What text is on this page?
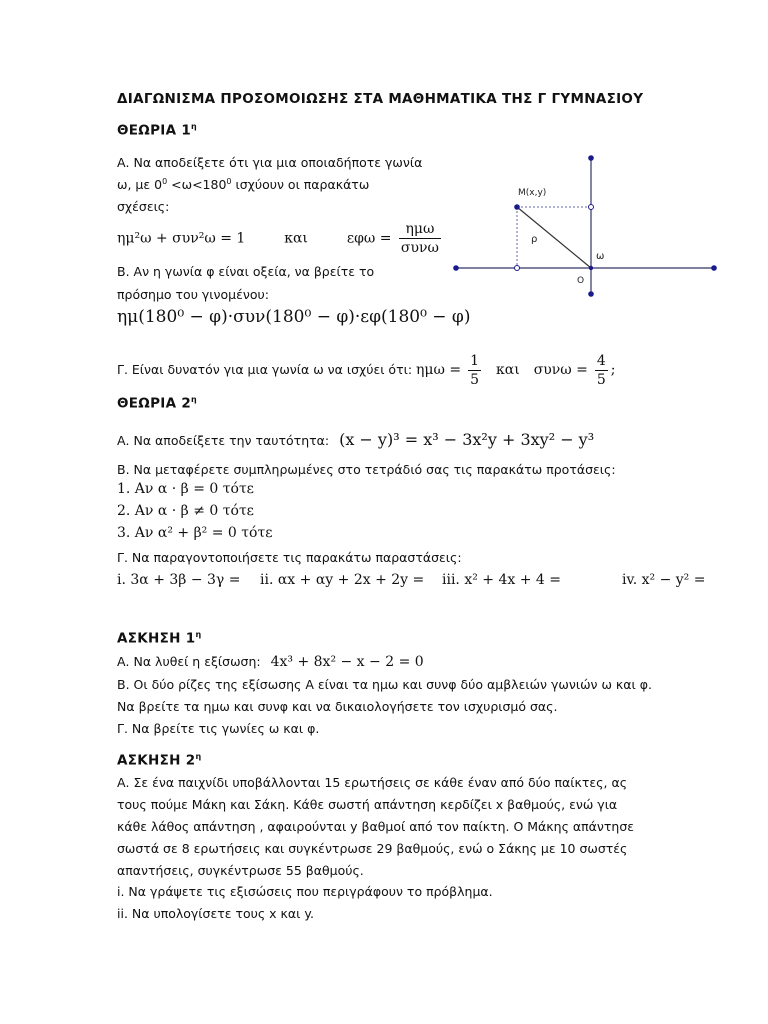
ΔΙΑΓΩΝΙΣΜΑ ΠΡΟΣΟΜΟΙΩΣΗΣ ΣΤΑ ΜΑΘΗΜΑΤΙΚΑ ΤΗΣ Γ ΓΥΜΝΑΣΙΟΥ
ΘΕΩΡΙΑ $1^\eta$
Α. Να αποδείξετε ότι για μια οποιαδήποτε γωνία
ω, με $0^0 <\omega<180^0$ ισχύουν οι παρακάτω
σχέσεις:
ημ²ω + συν²ω = 1	και	$\varepsilon\varphi\omega = \frac{\text{ημω}}{\text{συνω}}$
Β. Αν η γωνία φ είναι οξεία, να βρείτε το
πρόσημο του γινομένου:
ημ(180⁰ − φ)·συν(180⁰ − φ)·εφ(180⁰ − φ)
Γ. Είναι δυνατόν για μια γωνία ω να ισχύει ότι: $\eta\mu\omega = \frac{1}{5}$ και $\sigma\upsilon\nu\omega = \frac{4}{5}$ ;
M(x,y)
ρ
ω
O
ΘΕΩΡΙΑ $2^\eta$
Α. Να αποδείξετε την ταυτότητα: (x − y)³ = x³ − 3x²y + 3xy² − y³
Β. Να μεταφέρετε συμπληρωμένες στο τετράδιό σας τις παρακάτω προτάσεις:
1. Αν α · β = 0 τότε
2. Αν α · β ≠ 0 τότε
3. Αν α² + β² = 0 τότε
Γ. Να παραγοντοποιήσετε τις παρακάτω παραστάσεις:
i. 3α + 3β − 3γ = ii. αx + αy + 2x + 2y = iii. x² + 4x + 4 =	iv. x² − y² =
ΑΣΚΗΣΗ $1^\eta$
Α. Να λυθεί η εξίσωση: 4x³ + 8x² − x − 2 = 0
Β. Οι δύο ρίζες της εξίσωσης Α είναι τα ημω και συνφ δύο αμβλειών γωνιών ω και φ.
Να βρείτε τα ημω και συνφ και να δικαιολογήσετε τον ισχυρισμό σας.
Γ. Να βρείτε τις γωνίες ω και φ.
ΑΣΚΗΣΗ $2^\eta$
Α. Σε ένα παιχνίδι υποβάλλονται 15 ερωτήσεις σε κάθε έναν από δύο παίκτες, ας
τους πούμε Μάκη και Σάκη. Κάθε σωστή απάντηση κερδίζει x βαθμούς, ενώ για
κάθε λάθος απάντηση , αφαιρούνται y βαθμοί από τον παίκτη. Ο Μάκης απάντησε
σωστά σε 8 ερωτήσεις και συγκέντρωσε 29 βαθμούς, ενώ ο Σάκης με 10 σωστές
απαντήσεις, συγκέντρωσε 55 βαθμούς.
i. Να γράψετε τις εξισώσεις που περιγράφουν το πρόβλημα.
ii. Να υπολογίσετε τους x και y.
